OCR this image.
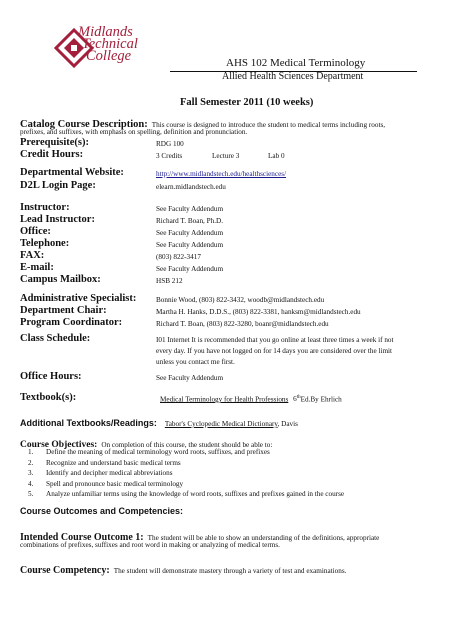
Midlands
Technical
College	AHS 102 Medical Terminology
Allied Health Sciences Department
Fall Semester 2011 (10 weeks)
Catalog Course Description: This course is designed to introduce the student to medical terms including roots,
prefixes, and suffixes, with emphasis on spelling, definition and pronunciation.
Prerequisite(s):	RDG 100
Credit Hours:	3 Credits	Lecture 3	Lab 0
Departmental Website:	http://www.midlandstech.edu/healthsciences/
D2L Login Page:	elearn.midlandstech.edu
Instructor:	See Faculty Addendum
Lead Instructor:	Richard T. Boan, Ph.D.
Office:	See Faculty Addendum
Telephone:	See Faculty Addendum
FAX:	(803) 822-3417
E-mail:	See Faculty Addendum
Campus Mailbox:	HSB 212
Administrative Specialist:	Bonnie Wood, (803) 822-3432, woodb@midlandstech.edu
Department Chair:	Martha H. Hanks, D.D.S., (803) 822-3381, hanksm@midlandstech.edu
Program Coordinator:	Richard T. Boan, (803) 822-3280, boanr@midlandstech.edu
Class Schedule:	I01 Internet It is recommended that you go online at least three times a week if not
every day. If you have not logged on for 14 days you are considered over the limit
unless you contact me first.
Office Hours:	See Faculty Addendum
Textbook(s):	Medical Terminology for Health Professions 6thEd.By Ehrlich
Additional Textbooks/Readings: Tabor's Cyclopedic Medical Dictionary, Davis
Course Objectives: On completion of this course, the student should be able to:
1. Define the meaning of medical terminology word roots, suffixes, and prefixes
2. Recognize and understand basic medical terms
3. Identify and decipher medical abbreviations
4. Spell and pronounce basic medical terminology
5. Analyze unfamiliar terms using the knowledge of word roots, suffixes and prefixes gained in the course
Course Outcomes and Competencies:
Intended Course Outcome 1: The student will be able to show an understanding of the definitions, appropriate
combinations of prefixes, suffixes and root word in making or analyzing of medical terms.
Course Competency: The student will demonstrate mastery through a variety of test and examinations.
